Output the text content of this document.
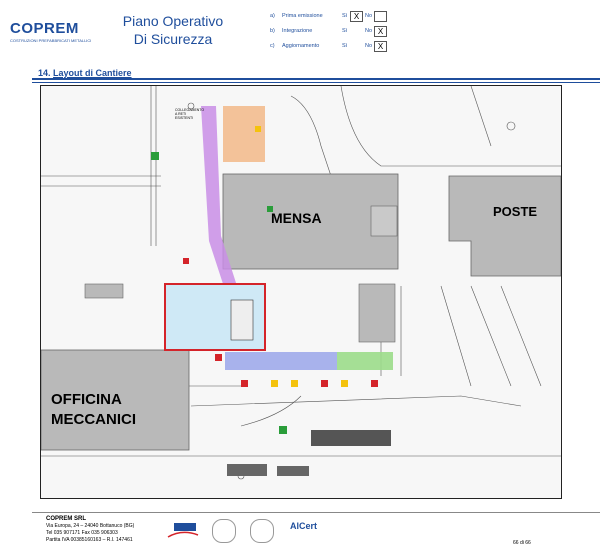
COPREM
COSTRUZIONI PREFABBRICATI METALLICI
Piano Operativo
Di Sicurezza
a) Prima emissione	Sì X	No
b) Integrazione	Sì	No X
c) Aggiornamento	Sì	No X
14. Layout di Cantiere
MENSA	POSTE
OFFICINA
MECCANICI
COLLEGAMENTO A RETI ESISTENTI
COPREM SRL
Via Europa, 24 – 24040 Bottanuco (BG)
Tel 035 907171 Fax 035 906303
Partita IVA 00385160163 – R.I. 147461
AlCert
66 di 66
